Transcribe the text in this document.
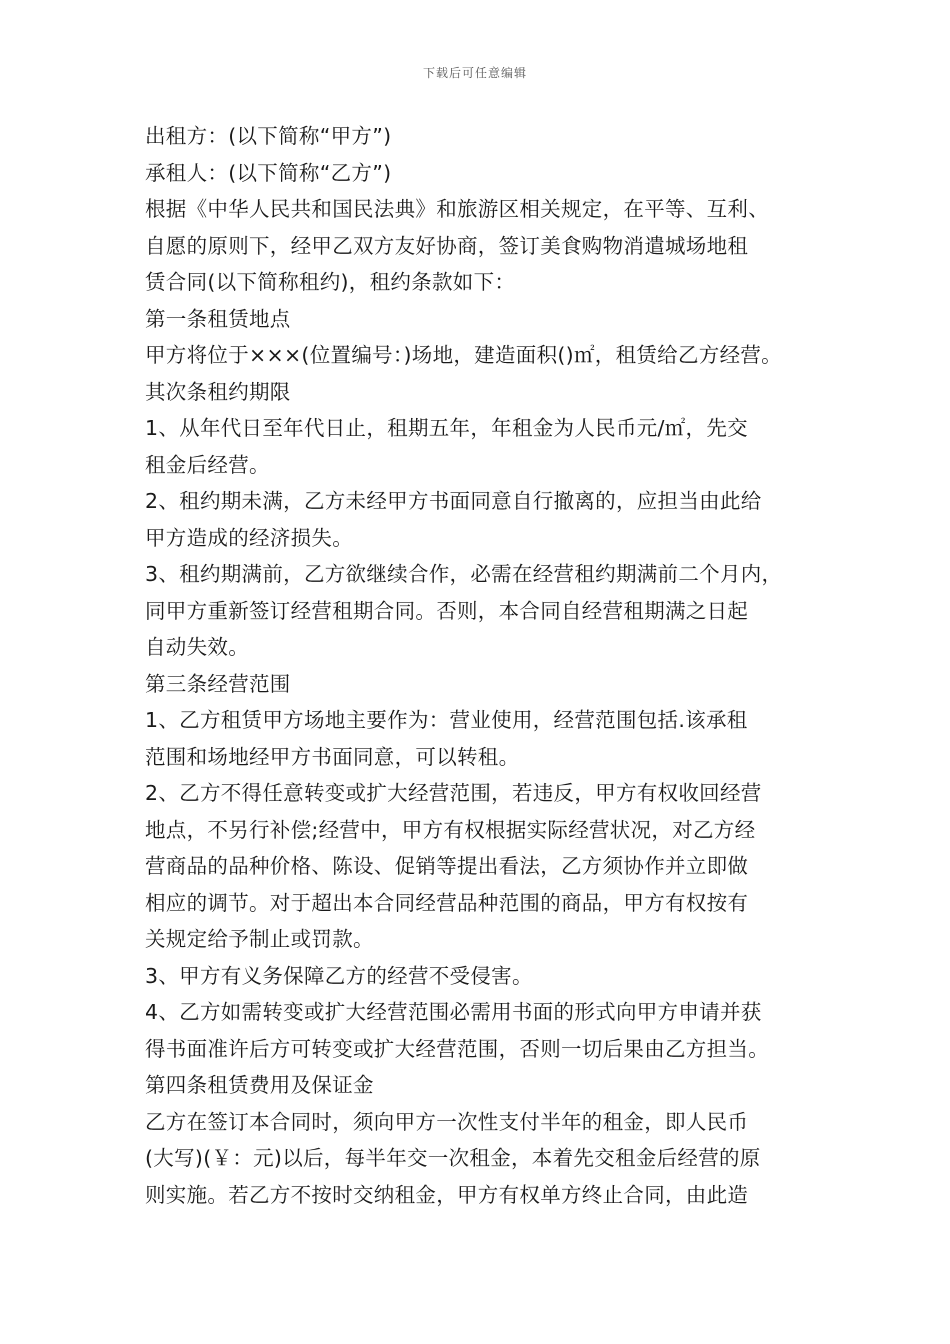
下载后可任意编辑
出租方：(以下简称“甲方”)
承租人：(以下简称“乙方”)
根据《中华人民共和国民法典》和旅游区相关规定，在平等、互利、
自愿的原则下，经甲乙双方友好协商，签订美食购物消遣城场地租
赁合同(以下简称租约)，租约条款如下：
第一条租赁地点
甲方将位于×××(位置编号：)场地，建造面积()㎡，租赁给乙方经营。
其次条租约期限
1、从年代日至年代日止，租期五年，年租金为人民币元/㎡，先交
租金后经营。
2、租约期未满，乙方未经甲方书面同意自行撤离的，应担当由此给
甲方造成的经济损失。
3、租约期满前，乙方欲继续合作，必需在经营租约期满前二个月内，
同甲方重新签订经营租期合同。否则，本合同自经营租期满之日起
自动失效。
第三条经营范围
1、乙方租赁甲方场地主要作为：营业使用，经营范围包括.该承租
范围和场地经甲方书面同意，可以转租。
2、乙方不得任意转变或扩大经营范围，若违反，甲方有权收回经营
地点，不另行补偿;经营中，甲方有权根据实际经营状况，对乙方经
营商品的品种价格、陈设、促销等提出看法，乙方须协作并立即做
相应的调节。对于超出本合同经营品种范围的商品，甲方有权按有
关规定给予制止或罚款。
3、甲方有义务保障乙方的经营不受侵害。
4、乙方如需转变或扩大经营范围必需用书面的形式向甲方申请并获
得书面准许后方可转变或扩大经营范围，否则一切后果由乙方担当。
第四条租赁费用及保证金
乙方在签订本合同时，须向甲方一次性支付半年的租金，即人民币
(大写)(￥：元)以后，每半年交一次租金，本着先交租金后经营的原
则实施。若乙方不按时交纳租金，甲方有权单方终止合同，由此造
